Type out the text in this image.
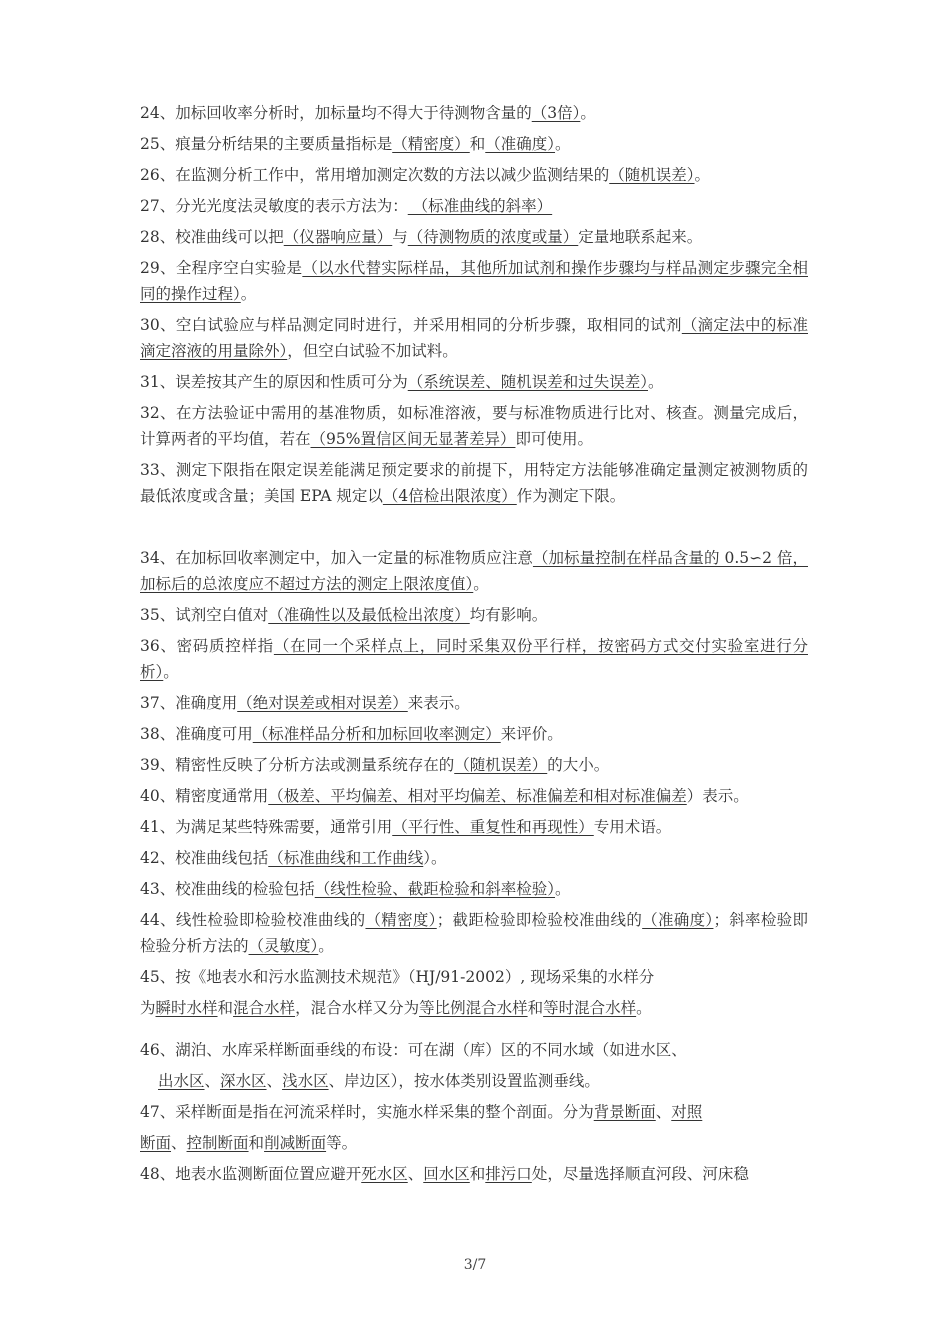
24、加标回收率分析时，加标量均不得大于待测物含量的（3倍）。

25、痕量分析结果的主要质量指标是（精密度）和（准确度）。

26、在监测分析工作中，常用增加测定次数的方法以减少监测结果的（随机误差）。

27、分光光度法灵敏度的表示方法为： （标准曲线的斜率）

28、校准曲线可以把（仪器响应量）与（待测物质的浓度或量）定量地联系起来。

29、全程序空白实验是（以水代替实际样品，其他所加试剂和操作步骤均与样品测定步骤完全相同的操作过程）。

30、空白试验应与样品测定同时进行，并采用相同的分析步骤，取相同的试剂（滴定法中的标准滴定溶液的用量除外），但空白试验不加试料。

31、误差按其产生的原因和性质可分为（系统误差、随机误差和过失误差）。

32、在方法验证中需用的基准物质，如标准溶液，要与标准物质进行比对、核查。测量完成后，计算两者的平均值，若在（95%置信区间无显著差异）即可使用。

33、测定下限指在限定误差能满足预定要求的前提下，用特定方法能够准确定量测定被测物质的最低浓度或含量；美国 EPA 规定以（4倍检出限浓度）作为测定下限。

34、在加标回收率测定中，加入一定量的标准物质应注意（加标量控制在样品含量的 0.5∽2 倍，加标后的总浓度应不超过方法的测定上限浓度值）。

35、试剂空白值对（准确性以及最低检出浓度）均有影响。

36、密码质控样指（在同一个采样点上，同时采集双份平行样，按密码方式交付实验室进行分析）。

37、准确度用（绝对误差或相对误差）来表示。

38、准确度可用（标准样品分析和加标回收率测定）来评价。

39、精密性反映了分析方法或测量系统存在的（随机误差）的大小。

40、精密度通常用（极差、平均偏差、相对平均偏差、标准偏差和相对标准偏差）表示。

41、为满足某些特殊需要，通常引用（平行性、重复性和再现性）专用术语。

42、校准曲线包括（标准曲线和工作曲线）。

43、校准曲线的检验包括（线性检验、截距检验和斜率检验）。

44、线性检验即检验校准曲线的（精密度）；截距检验即检验校准曲线的（准确度）；斜率检验即检验分析方法的（灵敏度）。

45、按《地表水和污水监测技术规范》（HJ/91-2002）, 现场采集的水样分

为瞬时水样和混合水样，混合水样又分为等比例混合水样和等时混合水样。

46、湖泊、水库采样断面垂线的布设：可在湖（库）区的不同水域（如进水区、

出水区、深水区、浅水区、岸边区），按水体类别设置监测垂线。

47、采样断面是指在河流采样时，实施水样采集的整个剖面。分为背景断面、对照

断面、控制断面和削减断面等。

48、地表水监测断面位置应避开死水区、回水区和排污口处，尽量选择顺直河段、河床稳

3/7
